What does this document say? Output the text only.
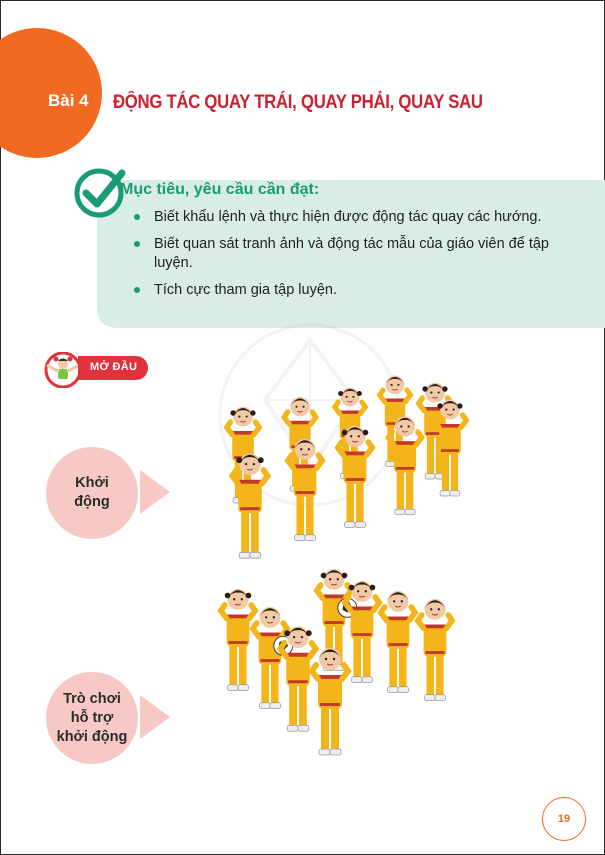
Bài 4 ĐỘNG TÁC QUAY TRÁI, QUAY PHẢI, QUAY SAU
Mục tiêu, yêu cầu cần đạt:
Biết khẩu lệnh và thực hiện được động tác quay các hướng.
Biết quan sát tranh ảnh và động tác mẫu của giáo viên để tập luyện.
Tích cực tham gia tập luyện.
MỞ ĐẦU
Khởi động
Trò chơi hỗ trợ khởi động
19
